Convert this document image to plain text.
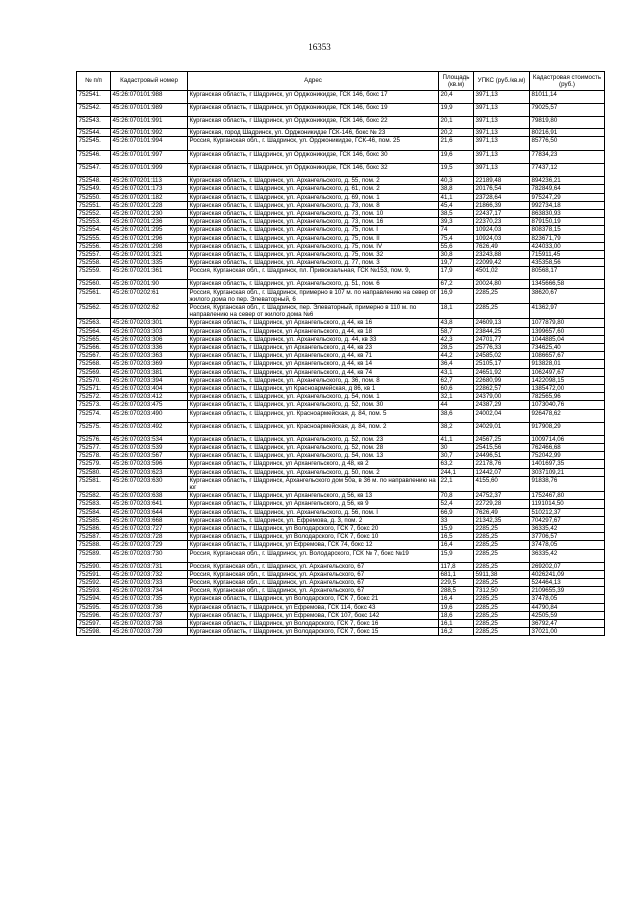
16353
№ п/п	Кадастровый номер	Адрес	Площадь (кв.м)	УПКС (руб./кв.м)	Кадастровая стоимость (руб.)
752541.	45:26:070101:988	Курганская область, г Шадринск, ул Орджоникидзе, ГСК 146, бокс 17	20,4	3971,13	81011,14
752542.	45:26:070101:989	Курганская область, г Шадринск, ул Орджоникидзе, ГСК 146, бокс 19	19,9	3971,13	79025,57
752543.	45:26:070101:991	Курганская область, г Шадринск, ул Орджоникидзе, ГСК 146, бокс 22	20,1	3971,13	79819,80
752544.	45:26:070101:992	Курганская, город Шадринск, ул. Орджоникидзе ГСК-146, бокс № 23	20,2	3971,13	80216,91
752545.	45:26:070101:994	Россия, Курганская обл., г. Шадринск, ул. Орджоникидзе, ГСК-46, пом. 25	21,6	3971,13	85776,50
752546.	45:26:070101:997	Курганская область, г Шадринск, ул Орджоникидзе, ГСК 146, бокс 30	19,6	3971,13	77834,23
752547.	45:26:070101:999	Курганская область, г Шадринск, ул Орджоникидзе, ГСК 146, бокс 32	19,5	3971,13	77437,12
752548.	45:26:070201:113	Курганская область, г. Шадринск, ул. Архангельского, д. 55, пом. 2	40,3	22189,48	894236,21
752549.	45:26:070201:173	Курганская область, г. Шадринск, ул. Архангельского, д. 61, пом. 2	38,8	20176,54	782849,64
752550.	45:26:070201:182	Курганская область, г. Шадринск, ул. Архангельского, д. 69, пом. 1	41,1	23728,64	975247,29
752551.	45:26:070201:228	Курганская область, г. Шадринск, ул. Архангельского, д. 73, пом. 8	45,4	21866,39	992734,18
752552.	45:26:070201:230	Курганская область, г. Шадринск, ул. Архангельского, д. 73, пом. 10	38,5	22437,17	863830,93
752553.	45:26:070201:236	Курганская область, г. Шадринск, ул. Архангельского, д. 73, пом. 16	39,3	22370,23	879150,19
752554.	45:26:070201:295	Курганская область, г. Шадринск, ул. Архангельского, д. 75, пом. I	74	10924,03	808378,15
752555.	45:26:070201:296	Курганская область, г. Шадринск, ул. Архангельского, д. 75, пом. II	75,4	10924,03	823671,79
752556.	45:26:070201:298	Курганская область, г. Шадринск, ул. Архангельского, д. 75, пом. IV	55,6	7626,49	424033,00
752557.	45:26:070201:321	Курганская область, г. Шадринск, ул. Архангельского, д. 75, пом. 32	30,8	23243,88	715911,45
752558.	45:26:070201:335	Курганская область, г. Шадринск, ул. Архангельского, д. 77, пом. 3	19,7	22099,42	435358,56
752559.	45:26:070201:361	Россия, Курганская обл., г. Шадринск, пл. Привокзальная, ГСК №153, пом. 9,	17,9	4501,02	80568,17
752560.	45:26:070201:90	Курганская область, г. Шадринск, ул. Архангельского, д. 51, пом. 6	67,2	20024,80	1345666,58
752561.	45:26:070202:61	Россия, Курганская обл., г. Шадринск, примерно в 107 м. по направлению на север от жилого дома по пер. Элеваторный, 6	16,9	2285,25	38620,67
752562.	45:26:070202:62	Россия, Курганская обл., г. Шадринск, пер. Элеваторный, примерно в 110 м. по направлению на север от жилого дома №6	18,1	2285,25	41362,97
752563.	45:26:070203:301	Курганская область, г Шадринск, ул Архангельского, д 44, кв 16	43,8	24609,13	1077879,80
752564.	45:26:070203:303	Курганская область, г Шадринск, ул Архангельского, д 44, кв 18	58,7	23844,25	1399657,60
752565.	45:26:070203:306	Курганская область, г. Шадринск, ул. Архангельского, д. 44, кв 33	42,3	24701,77	1044885,04
752566.	45:26:070203:336	Курганская область, г Шадринск, ул Архангельского, д 44, кв 23	28,5	25776,33	734625,40
752567.	45:26:070203:363	Курганская область, г Шадринск, ул Архангельского, д 44, кв 71	44,2	24585,02	1086657,67
752568.	45:26:070203:369	Курганская область, г Шадринск, ул Архангельского, д 44, кв 14	36,4	25105,17	913828,01
752569.	45:26:070203:381	Курганская область, г Шадринск, ул Архангельского, д 44, кв 74	43,1	24651,92	1062497,67
752570.	45:26:070203:394	Курганская область, г. Шадринск, ул. Архангельского, д. 36, пом. 8	62,7	22680,99	1422098,15
752571.	45:26:070203:404	Курганская область, г Шадринск, ул Красноармейская, д 86, кв 1	60,6	22862,57	1385472,00
752572.	45:26:070203:412	Курганская область, г. Шадринск, ул. Архангельского, д. 54, пом. 1	32,1	24379,00	782565,96
752573.	45:26:070203:475	Курганская область, г. Шадринск, ул. Архангельского, д. 52, пом. 30	44	24387,29	1073040,76
752574.	45:26:070203:490	Курганская область, г. Шадринск, ул. Красноармейская, д. 84, пом. 5	38,6	24002,04	926478,62
752575.	45:26:070203:492	Курганская область, г. Шадринск, ул. Красноармейская, д. 84, пом. 2	38,2	24029,01	917908,29
752576.	45:26:070203:534	Курганская область, г. Шадринск, ул. Архангельского, д. 52, пом. 23	41,1	24567,25	1009714,06
752577.	45:26:070203:539	Курганская область, г. Шадринск, ул. Архангельского, д. 52, пом. 28	30	25415,56	762466,68
752578.	45:26:070203:567	Курганская область, г. Шадринск, ул. Архангельского, д. 54, пом. 13	30,7	24496,51	752042,99
752579.	45:26:070203:596	Курганская область, г Шадринск, ул Архангельского, д 48, кв 2	63,2	22178,76	1401697,35
752580.	45:26:070203:623	Курганская область, г. Шадринск, ул. Архангельского, д. 50, пом. 2	244,1	12442,07	3037109,21
752581.	45:26:070203:630	Курганская область, г Шадринск, Архангельского дом 50а, в 36 м. по направлению на юг	22,1	4155,60	91838,76
752582.	45:26:070203:638	Курганская область, г Шадринск, ул Архангельского, д 56, кв 13	70,8	24752,37	1752467,80
752583.	45:26:070203:641	Курганская область, г Шадринск, ул Архангельского, д 56, кв 9	52,4	22729,28	1191014,50
752584.	45:26:070203:644	Курганская область, г. Шадринск, ул. Архангельского, д. 56, пом. I	66,9	7626,49	510212,37
752585.	45:26:070203:668	Курганская область, г. Шадринск, ул. Ефремова, д. 3, пом. 2	33	21342,35	704297,67
752586.	45:26:070203:727	Курганская область, г Шадринск, ул Володарского, ГСК 7, бокс 20	15,9	2285,25	36335,42
752587.	45:26:070203:728	Курганская область, г Шадринск, ул Володарского, ГСК 7, бокс 10	16,5	2285,25	37706,57
752588.	45:26:070203:729	Курганская область, г Шадринск, ул Ефремова, ГСК 74, бокс 12	16,4	2285,25	37478,05
752589.	45:26:070203:730	Россия, Курганская обл., г. Шадринск, ул. Володарского, ГСК № 7, бокс №19	15,9	2285,25	36335,42
752590.	45:26:070203:731	Россия, Курганская обл., г. Шадринск, ул. Архангельского, 67	117,8	2285,25	269202,07
752591.	45:26:070203:732	Россия, Курганская обл., г. Шадринск, ул. Архангельского, 67	681,1	5911,38	4026241,09
752592.	45:26:070203:733	Россия, Курганская обл., г. Шадринск, ул. Архангельского, 67	229,5	2285,25	524464,13
752593.	45:26:070203:734	Россия, Курганская обл., г. Шадринск, ул. Архангельского, 67	288,5	7312,50	2109655,39
752594.	45:26:070203:735	Курганская область, г Шадринск, ул Володарского, ГСК 7, бокс 21	16,4	2285,25	37478,05
752595.	45:26:070203:736	Курганская область, г Шадринск, ул Ефремова, ГСК 114, бокс 43	19,6	2285,25	44790,84
752596.	45:26:070203:737	Курганская область, г Шадринск, ул Ефремова, ГСК 107, бокс 142	18,6	2285,25	42505,59
752597.	45:26:070203:738	Курганская область, г Шадринск, ул Володарского, ГСК 7, бокс 16	16,1	2285,25	36792,47
752598.	45:26:070203:739	Курганская область, г Шадринск, ул Володарского, ГСК 7, бокс 15	16,2	2285,25	37021,00
